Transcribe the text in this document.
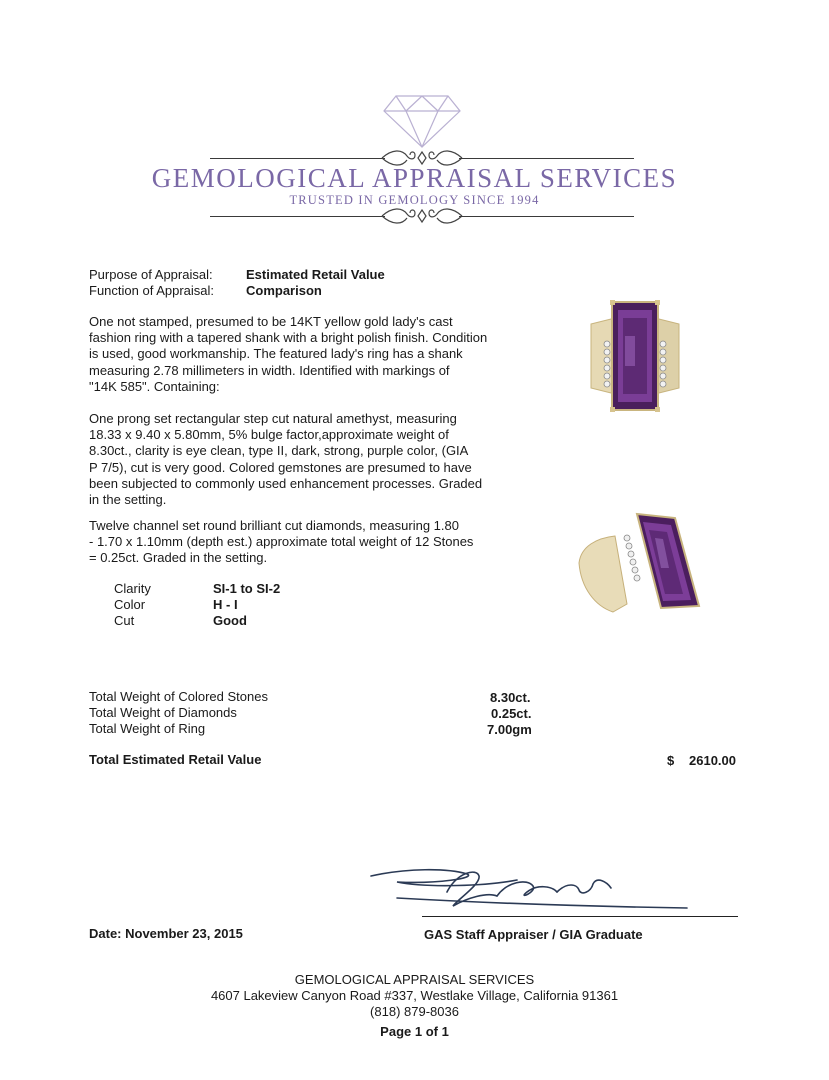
GEMOLOGICAL APPRAISAL SERVICES
TRUSTED IN GEMOLOGY SINCE 1994
Purpose of Appraisal:	Estimated Retail Value
Function of Appraisal: Comparison
One not stamped, presumed to be 14KT yellow gold lady's cast
fashion ring with a tapered shank with a bright polish finish. Condition
is used, good workmanship. The featured lady's ring has a shank
measuring 2.78 millimeters in width. Identified with markings of
"14K 585". Containing:
One prong set rectangular step cut natural amethyst, measuring
18.33 x 9.40 x 5.80mm, 5% bulge factor,approximate weight of
8.30ct., clarity is eye clean, type II, dark, strong, purple color, (GIA
P 7/5), cut is very good. Colored gemstones are presumed to have
been subjected to commonly used enhancement processes. Graded
in the setting.
Twelve channel set round brilliant cut diamonds, measuring 1.80
- 1.70 x 1.10mm (depth est.) approximate total weight of 12 Stones
= 0.25ct. Graded in the setting.
Clarity	SI-1 to SI-2
Color	H - I
Cut	Good
Total Weight of Colored Stones	8.30ct.
Total Weight of Diamonds	0.25ct.
Total Weight of Ring	7.00gm
Total Estimated Retail Value	$ 2610.00
Date: November 23, 2015	GAS Staff Appraiser / GIA Graduate
GEMOLOGICAL APPRAISAL SERVICES
4607 Lakeview Canyon Road #337, Westlake Village, California 91361
(818) 879-8036
Page 1 of 1
